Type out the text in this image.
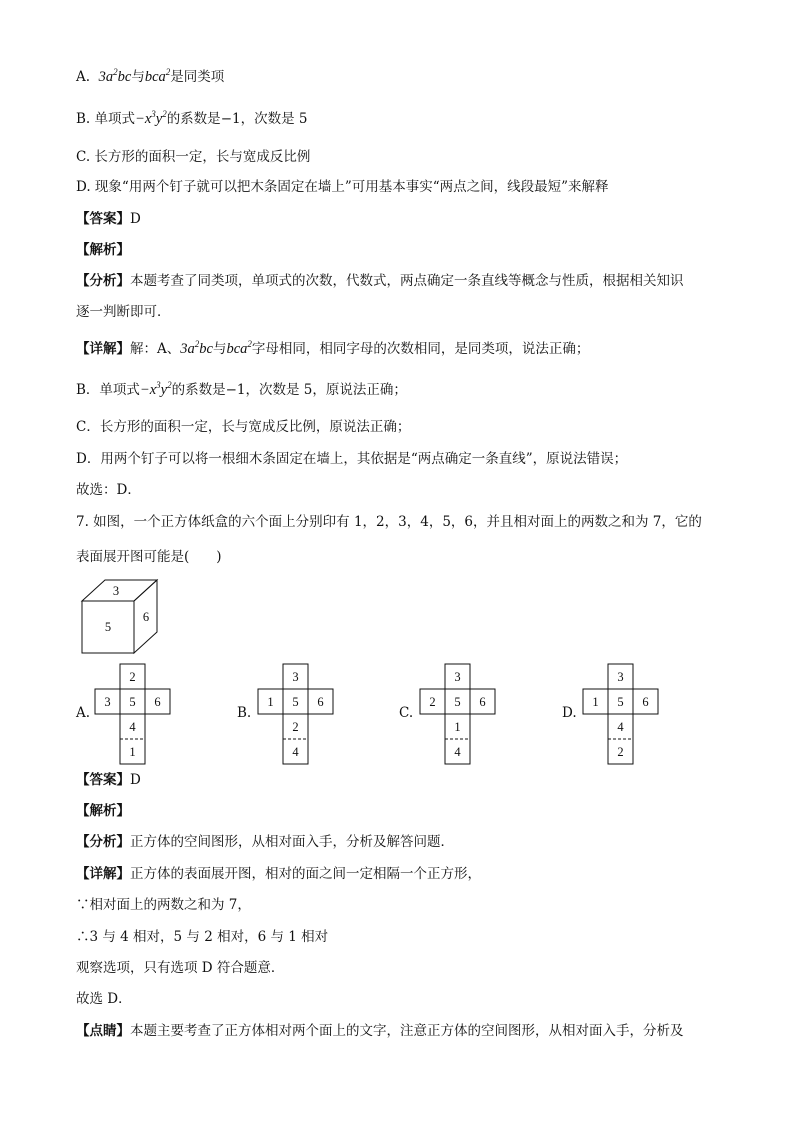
A. $3a^2bc$与bca$^2$是同类项
B. 单项式$-x^3y^2$的系数是−1，次数是 5
C. 长方形的面积一定，长与宽成反比例
D. 现象“用两个钉子就可以把木条固定在墙上”可用基本事实“两点之间，线段最短”来解释
【答案】D
【解析】
【分析】本题考查了同类项，单项式的次数，代数式，两点确定一条直线等概念与性质，根据相关知识
逐一判断即可．
【详解】解：A、$3a^2bc$与bca$^2$字母相同，相同字母的次数相同，是同类项，说法正确；
B．单项式$-x^3y^2$的系数是−1，次数是 5，原说法正确；
C．长方形的面积一定，长与宽成反比例，原说法正确；
D．用两个钉子可以将一根细木条固定在墙上，其依据是“两点确定一条直线”，原说法错误；
故选：D．
7. 如图，一个正方体纸盒的六个面上分别印有 1，2，3，4，5，6，并且相对面上的两数之和为 7，它的
表面展开图可能是(　　)
3
5
6
2
3 5 6
4
1
3
1 5 6
2
4
3
2 5 6
1
4
3
1 5 6
4
2
A.	B.	C.	D.
【答案】D
【解析】
【分析】正方体的空间图形，从相对面入手，分析及解答问题．
【详解】正方体的表面展开图，相对的面之间一定相隔一个正方形，
∵相对面上的两数之和为 7，
∴3 与 4 相对，5 与 2 相对，6 与 1 相对
观察选项，只有选项 D 符合题意．
故选 D．
【点睛】本题主要考查了正方体相对两个面上的文字，注意正方体的空间图形，从相对面入手，分析及
